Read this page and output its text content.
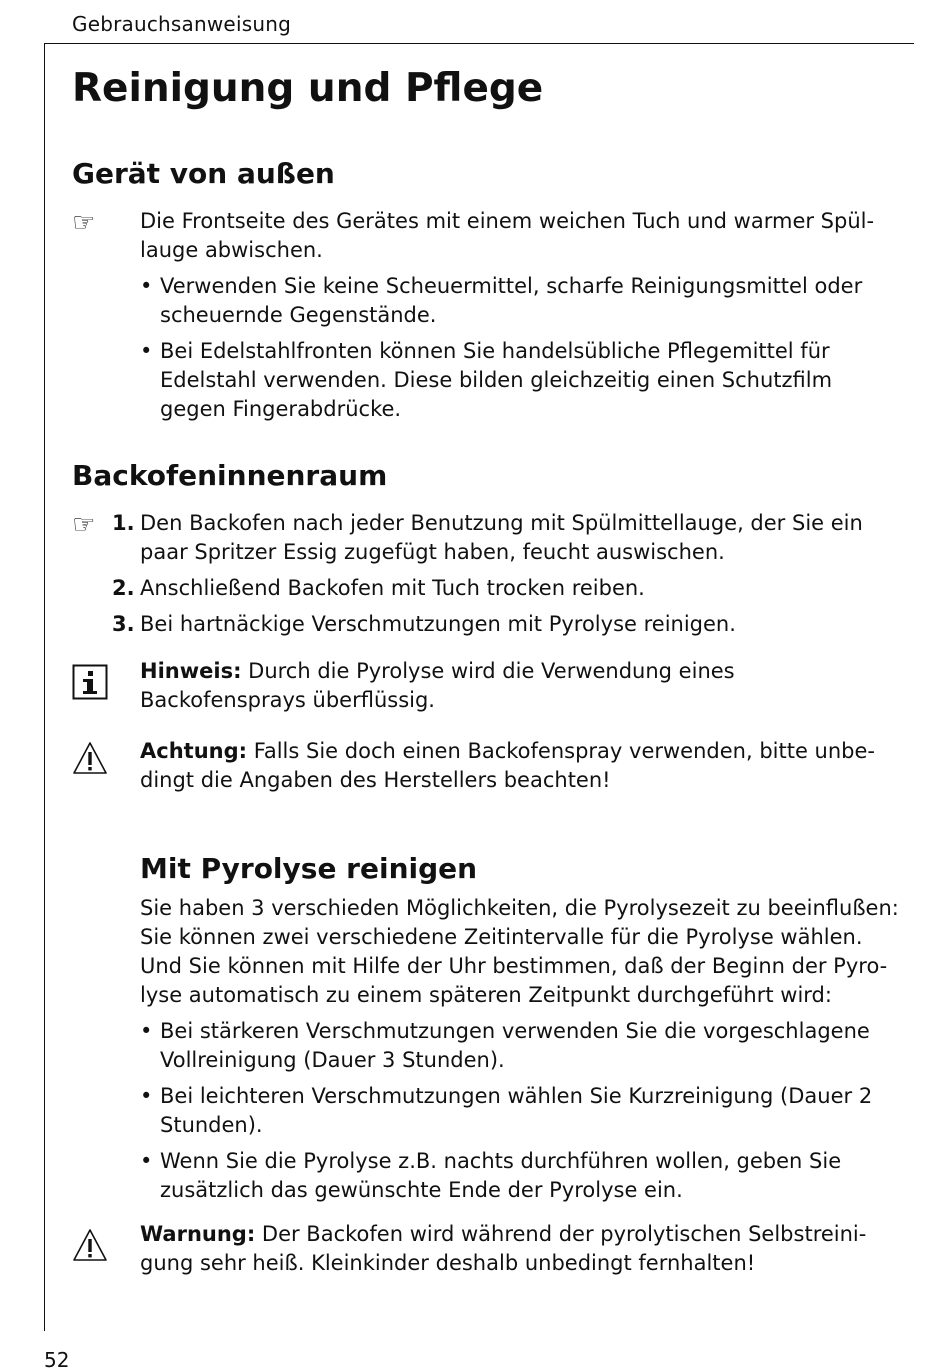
Gebrauchsanweisung
Reinigung und Pflege
Gerät von außen
☞ Die Frontseite des Gerätes mit einem weichen Tuch und warmer Spül-lauge abwischen.

• Verwenden Sie keine Scheuermittel, scharfe Reinigungsmittel oder scheuernde Gegenstände.
• Bei Edelstahlfronten können Sie handelsübliche Pflegemittel für Edelstahl verwenden. Diese bilden gleichzeitig einen Schutzfilm gegen Fingerabdrücke.
Backofeninnenraum
☞ 1. Den Backofen nach jeder Benutzung mit Spülmittellauge, der Sie ein paar Spritzer Essig zugefügt haben, feucht auswischen.
2. Anschließend Backofen mit Tuch trocken reiben.
3. Bei hartnäckige Verschmutzungen mit Pyrolyse reinigen.

Hinweis: Durch die Pyrolyse wird die Verwendung eines Backofensprays überflüssig.

Achtung: Falls Sie doch einen Backofenspray verwenden, bitte unbe-dingt die Angaben des Herstellers beachten!

Mit Pyrolyse reinigen

Sie haben 3 verschieden Möglichkeiten, die Pyrolysezeit zu beeinflußen: Sie können zwei verschiedene Zeitintervalle für die Pyrolyse wählen. Und Sie können mit Hilfe der Uhr bestimmen, daß der Beginn der Pyro-lyse automatisch zu einem späteren Zeitpunkt durchgeführt wird:

• Bei stärkeren Verschmutzungen verwenden Sie die vorgeschlagene Vollreinigung (Dauer 3 Stunden).
• Bei leichteren Verschmutzungen wählen Sie Kurzreinigung (Dauer 2 Stunden).
• Wenn Sie die Pyrolyse z.B. nachts durchführen wollen, geben Sie zusätzlich das gewünschte Ende der Pyrolyse ein.

Warnung: Der Backofen wird während der pyrolytischen Selbstreini-gung sehr heiß. Kleinkinder deshalb unbedingt fernhalten!

52
